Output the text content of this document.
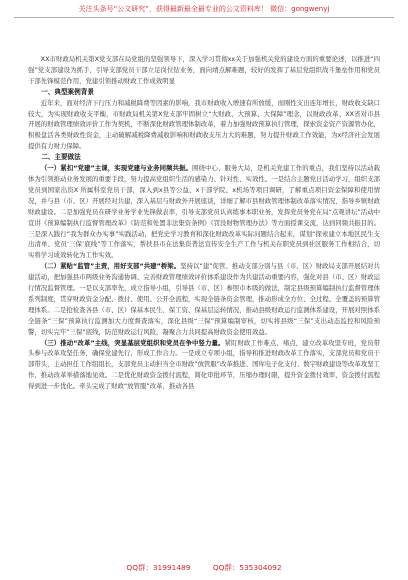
关注头条号“公文研究”，获得最新最全最专业的公文资料库！ 微信：gongwenyj

XX市财政局机关第X党支部在局党组的坚强领导下，深入学习贯彻xx关于加强机关党的建设方面的重要论述，以推进“四强”党支部建设为抓手，引导支部党员干部立足岗位钻业务，面向靖点解难题，较好的发挥了基层党组织战斗堡垒作用和党员干部先锋模范作用，党建引领推动财政工作成效明显

一、典型案例背景

近年来，面对经济下行压力和减税降费等因素的影响，我市财政收入增速有所放缓，而刚性支出连年增长，财政收支缺口较大，为实现财政收支平衡，市财政局机关第X党支部牢固树立“大财政、大预算、大保障”理念，以财政改革、XX省对市县开展的财政管理绩效评价工作为契机，不断深化财政管理体制改革，着力加强财政预算执行管理，探索资金资产资源管办化，积极盘活各类财政性资金，主动破解减税降费减收影响和财政收支压力大的难题，努力提升财政工作效能，为x经济社会发展提供有力财力保障。

二、主要做法

（一）紧扣“党建”主课，实现党建与业务同频共振。围绕中心、服务大局，是机关党建工作的重点，我们坚持以活动载体为引领推动业务发展的重要手段，努力提高党组织生活的感染力、针对性、实效性。一是结合主题党日活动学习，组织支部党员到国家出资X 所属科室党员干部，深入到x县等公益、x干部学院、x机场等项目调研，了解重点项目资金保障和使用情况，并与县（市、区）开展经对共建，深入基层与财政外开展座谈，详细了解市县财政管理体制改革落实情况，指导乡镇财政财政建设。二是加强党员在研学业务学业先锋做表率，引导支部党员认真练事本职业务，发挥党员务党在局“点观讲坛”活动中宣讲《预算编制执行监督管理改革》《防范和处置非法集资条例》《罚没财物管理办法》等方面授课交流，达到同频共振目的。三是深入践行“我为群众办实事”实践活动，把党史学习教育和深化财政改革实际问题结合起来，谋划“探索建立本地区民生支出清单、党员‘三保’底线”等工作落实，帮扶县市在法集资普法宣传安全生产工作与机关在职党员到社区服务工作相结合，切实将学习成效转化为工作实效。

（二）紧贴“监管”主责，用好支部“共建”桥梁。坚持以“建”促管、推动支部分别与县（市、区）财政局支部开展结对共建活动，把加强县市两级业务沟通协调、完善财政管理绩效评价体系建设作为共建活动重要内容，强化对县（市、区）财政运行情况监督管理。一是以支部率先，成立指导小组，引导县（市、区）参照市本级的做法，制定县级预算编制执行监督管理体系列制度，贯穿财政资金分配、拨付、使用、公开全流程，实现全链条资金管理，推动形成全方位、全过程、全覆盖的预算管理体系。二是抢检查各县（市、区）保基本民生、保工资、保基层运转情况，推动县级财政运行监测体系建设，开展对照体系全链条“三保”预算执行监测加大力度督查落实，深化县级“三保”预算编制审核，切实将县级“三保”支出动态监控和风险预警，切实完牢“三保”底线，防范财政运行风险，凝聚合力共同提高财政资金使用效益。

（三）推动“改革”主线，突显基层党组织和党员在争中竖力量。紧盯财政工作难点、堵点，建立改革攻坚专班，党员带头参与改革攻坚任务，确保党建先行，形成工作合力。一是成立专项小组，指导和推进财政改革工作落实，支部党员和党员干部带头，主动担任工作组组长，支部党员主动担当全市财政“放管服”改革推进、国库电子化支付、数字财政建设等改革攻坚工作，推动改革举措落地见效。二是优化财政资金拨付流程，简化审批环节，压缩办理时限，提升资金拨付效率，资金拨付流程得到进一步优化。牵头完成了财政“放管服”改革，推动各县

QQ群：31991489	QQ群：535304092
